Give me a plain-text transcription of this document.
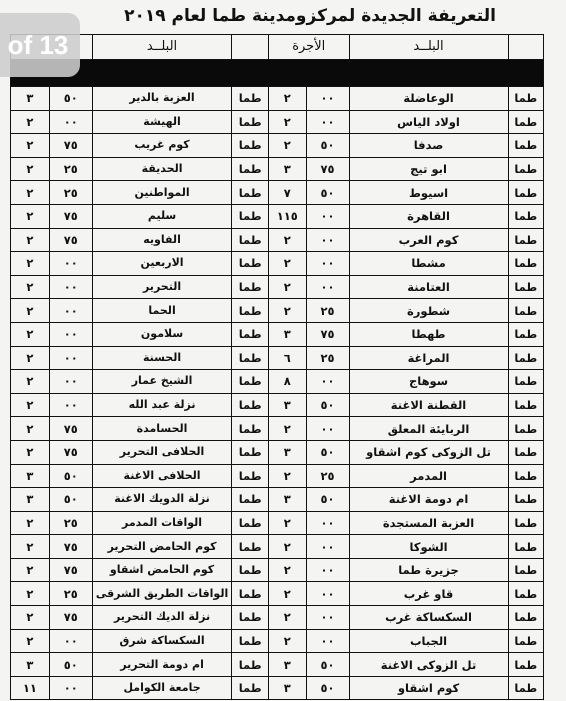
التعريفة الجديدة لمركزومدينة طما لعام ٢٠١٩
	البلــد	الأجرة			البلــد		

طما	الوعاضلة	٠٠	٢	طما	العزبة بالدير	٥٠	٣
طما	اولاد الياس	٠٠	٢	طما	الهيشة	٠٠	٢
طما	صدفا	٥٠	٢	طما	كوم غريب	٧٥	٢
طما	ابو تيج	٧٥	٣	طما	الحديقة	٢٥	٢
طما	اسيوط	٥٠	٧	طما	المواطنين	٢٥	٢
طما	القاهرة	٠٠	١١٥	طما	سليم	٧٥	٢
طما	كوم العرب	٠٠	٢	طما	الفاويه	٧٥	٢
طما	مشطا	٠٠	٢	طما	الاربعين	٠٠	٢
طما	العتامنة	٠٠	٢	طما	التحرير	٠٠	٢
طما	شطورة	٢٥	٢	طما	الحما	٠٠	٢
طما	طهطا	٧٥	٣	طما	سلامون	٠٠	٢
طما	المراغة	٢٥	٦	طما	الحسنة	٠٠	٢
طما	سوهاج	٠٠	٨	طما	الشيخ عمار	٠٠	٢
طما	القطنة الاغنة	٥٠	٣	طما	نزلة عبد الله	٠٠	٢
طما	الربايئة المعلق	٠٠	٢	طما	الحسامدة	٧٥	٢
طما	تل الزوكى كوم اشقاو	٥٠	٣	طما	الحلافى التحرير	٧٥	٢
طما	المدمر	٢٥	٢	طما	الحلافى الاغنة	٥٠	٣
طما	ام دومة الاغنة	٥٠	٣	طما	نزلة الدويك الاغنة	٥٠	٣
طما	العزبة المستجدة	٠٠	٢	طما	الواقات المدمر	٢٥	٢
طما	الشوكا	٠٠	٢	طما	كوم الحامض التحرير	٧٥	٢
طما	جزيرة طما	٠٠	٢	طما	كوم الحامض اشقاو	٧٥	٢
طما	قاو غرب	٠٠	٢	طما	الواقات الطريق الشرقى	٢٥	٢
طما	السكساكة غرب	٠٠	٢	طما	نزلة الديك التحرير	٧٥	٢
طما	الجباب	٠٠	٢	طما	السكساكة شرق	٠٠	٢
طما	تل الزوكى الاغنة	٥٠	٣	طما	ام دومة التحرير	٥٠	٣
طما	كوم اشقاو	٥٠	٣	طما	جامعة الكوامل	٠٠	١١
of 13
